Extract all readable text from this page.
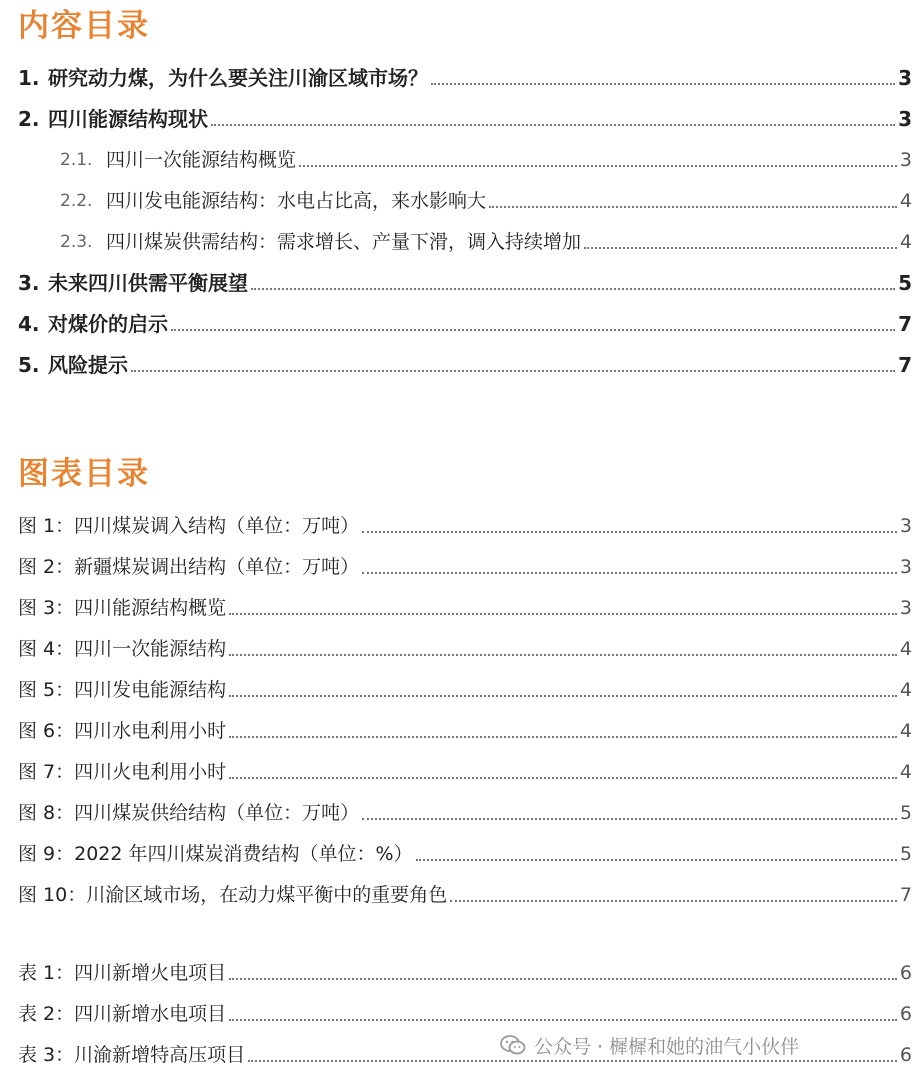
内容目录
1. 研究动力煤，为什么要关注川渝区域市场？	3
2. 四川能源结构现状	3
2.1. 四川一次能源结构概览	3
2.2. 四川发电能源结构：水电占比高，来水影响大	4
2.3. 四川煤炭供需结构：需求增长、产量下滑，调入持续增加	4
3. 未来四川供需平衡展望	5
4. 对煤价的启示	7
5. 风险提示	7
图表目录
图 1：四川煤炭调入结构（单位：万吨）	3
图 2：新疆煤炭调出结构（单位：万吨）	3
图 3：四川能源结构概览	3
图 4：四川一次能源结构	4
图 5：四川发电能源结构	4
图 6：四川水电利用小时	4
图 7：四川火电利用小时	4
图 8：四川煤炭供给结构（单位：万吨）	5
图 9：2022 年四川煤炭消费结构（单位：%）	5
图 10：川渝区域市场，在动力煤平衡中的重要角色	7
表 1：四川新增火电项目	6
表 2：四川新增水电项目	6
表 3：川渝新增特高压项目	6
公众号 · 樨樨和她的油气小伙伴
